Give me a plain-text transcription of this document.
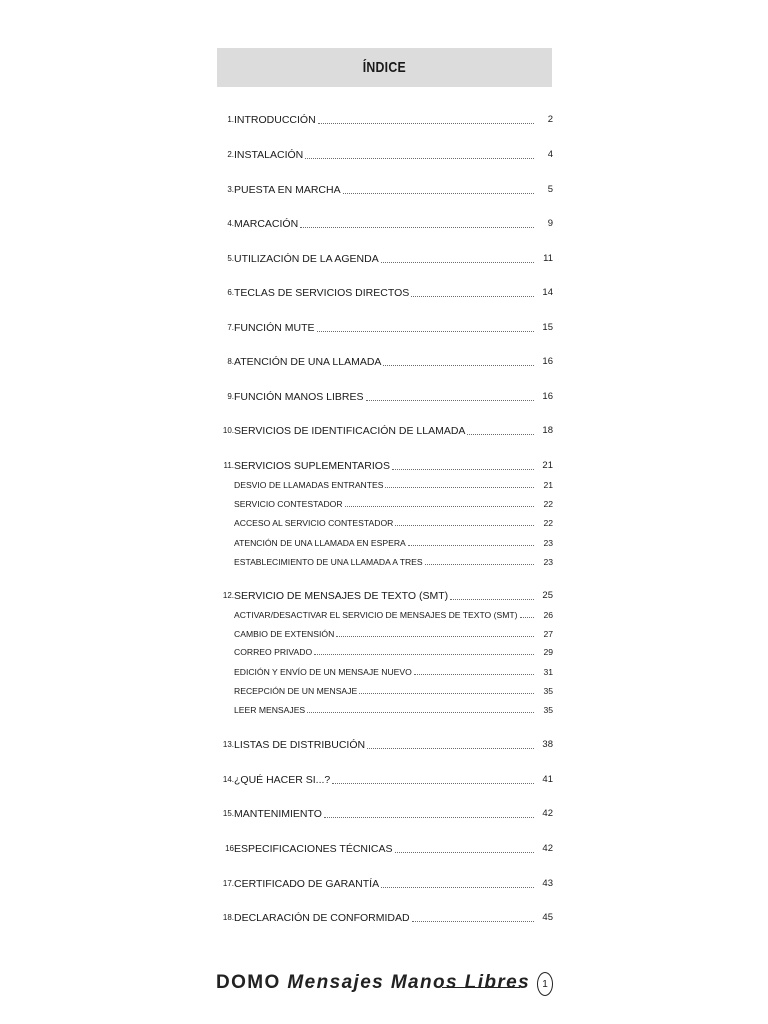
ÍNDICE
1. INTRODUCCIÓN	2
2. INSTALACIÓN	4
3. PUESTA EN MARCHA	5
4. MARCACIÓN	9
5. UTILIZACIÓN DE LA AGENDA	11
6. TECLAS DE SERVICIOS DIRECTOS	14
7. FUNCIÓN MUTE	15
8. ATENCIÓN DE UNA LLAMADA	16
9. FUNCIÓN MANOS LIBRES	16
10. SERVICIOS DE IDENTIFICACIÓN DE LLAMADA	18
11. SERVICIOS SUPLEMENTARIOS	21
DESVIO DE LLAMADAS ENTRANTES	21
SERVICIO CONTESTADOR	22
ACCESO AL SERVICIO CONTESTADOR	22
ATENCIÓN DE UNA LLAMADA EN ESPERA	23
ESTABLECIMIENTO DE UNA LLAMADA A TRES	23
12. SERVICIO DE MENSAJES DE TEXTO (SMT)	25
ACTIVAR/DESACTIVAR EL SERVICIO DE MENSAJES DE TEXTO (SMT)	26
CAMBIO DE EXTENSIÓN	27
CORREO PRIVADO	29
EDICIÓN Y ENVÍO DE UN MENSAJE NUEVO	31
RECEPCIÓN DE UN MENSAJE	35
LEER MENSAJES	35
13. LISTAS DE DISTRIBUCIÓN	38
14. ¿QUÉ HACER SI...?	41
15. MANTENIMIENTO	42
16 ESPECIFICACIONES TÉCNICAS	42
17. CERTIFICADO DE GARANTÍA	43
18. DECLARACIÓN DE CONFORMIDAD	45
DOMO Mensajes Manos Libres 1
